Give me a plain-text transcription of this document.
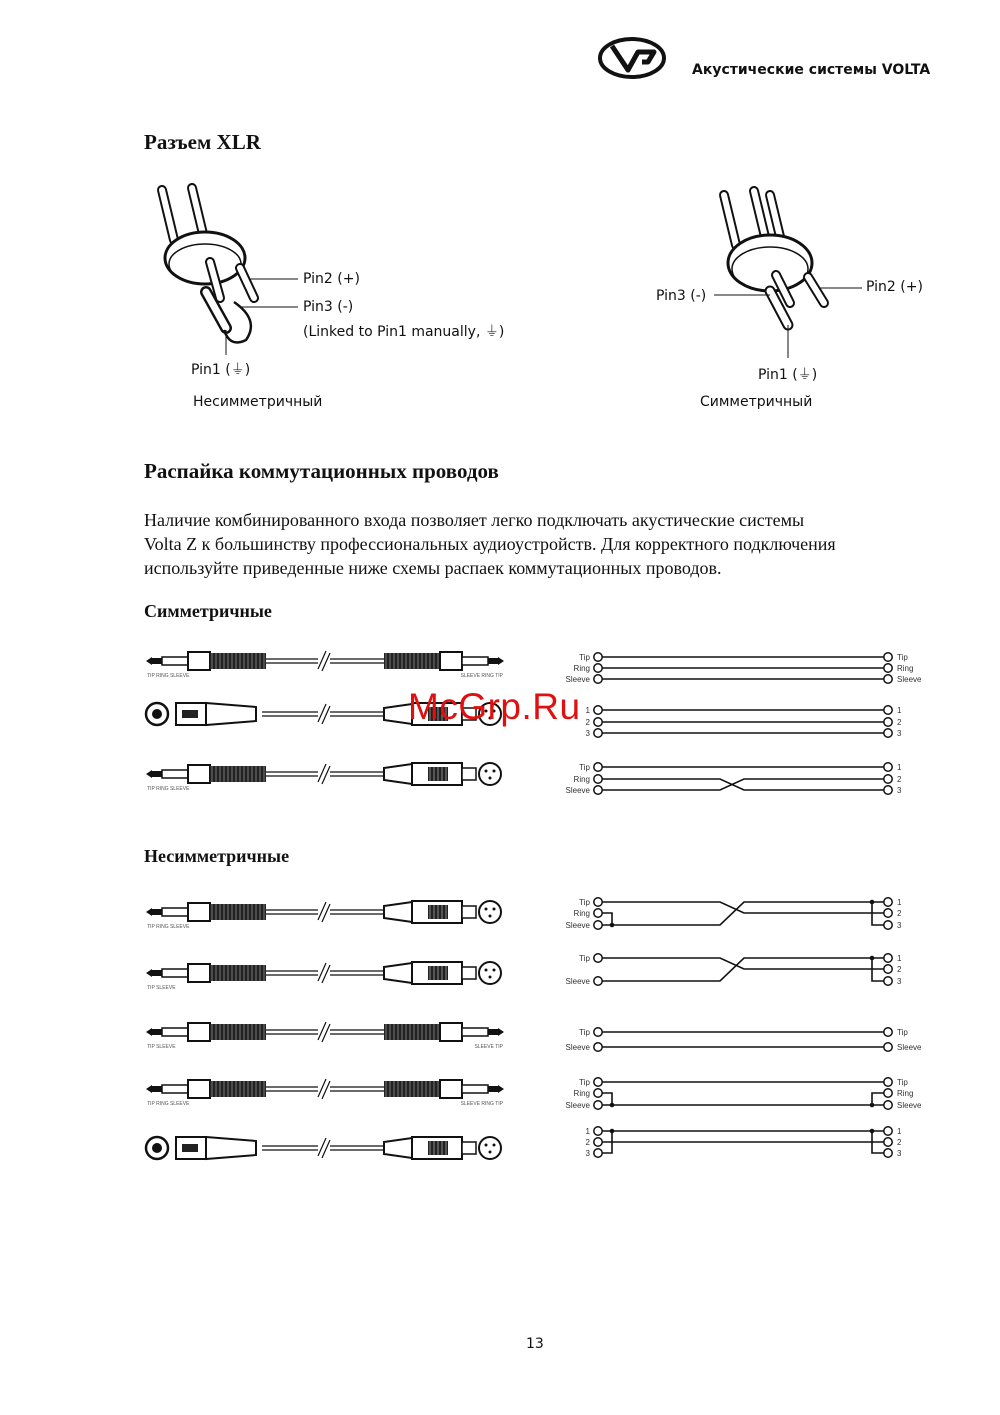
Акустические системы VOLTA
Разъем XLR
Pin2 (+)
Pin3 (-)
(Linked to Pin1 manually, ⏚)
Pin1 (⏚)
Несимметричный
Pin3 (-)
Pin2 (+)
Pin1 (⏚)
Симметричный
Распайка коммутационных проводов

Наличие комбинированного входа позволяет легко подключать акустические системы

Volta Z к большинству профессиональных аудиоустройств. Для корректного подключения

используйте приведенные ниже схемы распаек коммутационных проводов.

Симметричные
Несимметричные
TIP RING SLEEVE	SLEEVE RING TIP
TIP RING SLEEVE
TIP RING SLEEVE
TIP SLEEVE
TIP SLEEVE	SLEEVE TIP
TIP RING SLEEVE	SLEEVE RING TIP
Tip
Ring
Sleeve
Tip
Ring
Sleeve
1
2
3
1
2
3
Tip
Ring
Sleeve
1
2
3
Tip
Ring
Sleeve
1
2
3
Tip
Sleeve
1
2
3
Tip
Sleeve
Tip
Sleeve
Tip
Ring
Sleeve
Tip
Ring
Sleeve
1
2
3
1
2
3
McGrp.Ru
13
